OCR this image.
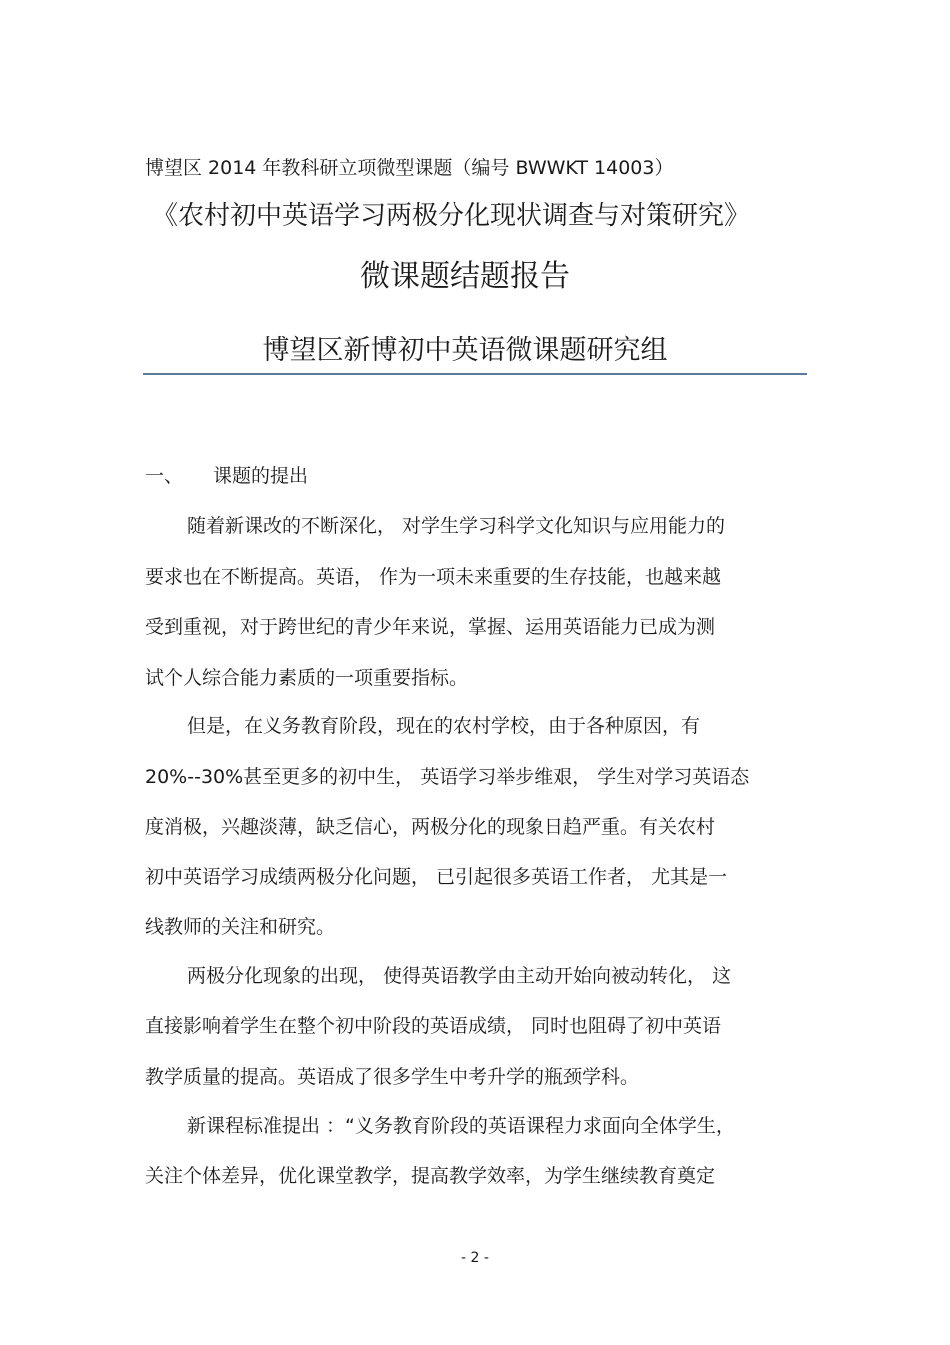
博望区 2014 年教科研立项微型课题（编号 BWWKT 14003）
《农村初中英语学习两极分化现状调查与对策研究》
微课题结题报告
博望区新博初中英语微课题研究组
一、 课题的提出
随着新课改的不断深化， 对学生学习科学文化知识与应用能力的
要求也在不断提高。英语， 作为一项未来重要的生存技能，也越来越
受到重视，对于跨世纪的青少年来说，掌握、运用英语能力已成为测
试个人综合能力素质的一项重要指标。
但是，在义务教育阶段，现在的农村学校，由于各种原因，有
20%--30%甚至更多的初中生， 英语学习举步维艰， 学生对学习英语态
度消极，兴趣淡薄，缺乏信心，两极分化的现象日趋严重。有关农村
初中英语学习成绩两极分化问题， 已引起很多英语工作者， 尤其是一
线教师的关注和研究。
两极分化现象的出现， 使得英语教学由主动开始向被动转化， 这
直接影响着学生在整个初中阶段的英语成绩， 同时也阻碍了初中英语
教学质量的提高。英语成了很多学生中考升学的瓶颈学科。
新课程标准提出 ：“义务教育阶段的英语课程力求面向全体学生，
关注个体差异，优化课堂教学，提高教学效率，为学生继续教育奠定
- 2 -
